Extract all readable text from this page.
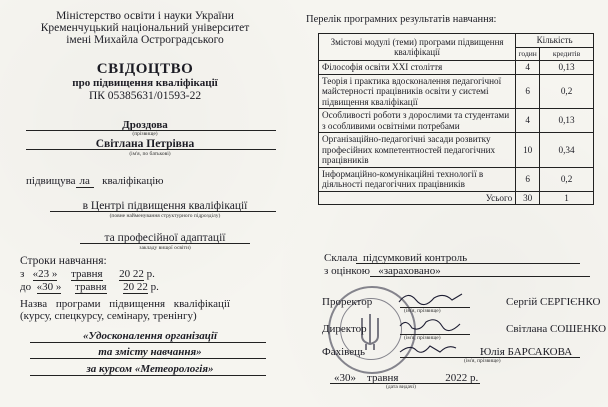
Міністерство освіти і науки України
Кременчуцький національний університет
імені Михайла Остроградського
СВІДОЦТВО
про підвищення кваліфікації
ПК 05385631/01593-22
Дроздова
(прізвище)
Світлана Петрівна
(ім'я, по батькові)
підвищува ла кваліфікацію
в Центрі підвищення кваліфікації
(повне найменування структурного підрозділу)
та професійної адаптації
закладу вищої освіти)
Строки навчання:
з «23 » травня 20 22 р.
до «30 » травня 20 22 р.
Назва програми підвищення кваліфікації
(курсу, спецкурсу, семінару, тренінгу)
«Удосконалення організації
та змісту навчання»
за курсом «Метеорологія»
Перелік програмних результатів навчання:
Змістові модулі (теми) програми підвищення кваліфікації	Кількість	
	годин	кредитів
Філософія освіти ХХІ століття	4	0,13
Теорія і практика вдосконалення педагогічної майстерності працівників освіти у системі підвищення кваліфікації	6	0,2
Особливості роботи з дорослими та студентами з особливими освітніми потребами	4	0,13
Організаційно-педагогічні засади розвитку професійних компетентностей педагогічних працівників	10	0,34
Інформаційно-комунікаційні технології в діяльності педагогічних працівників	6	0,2
Усього	30	1
Склала підсумковий контроль
з оцінкою «зараховано»
Проректор
(ім'я, прізвище)
Сергій СЕРГІЄНКО
Директор
(ім'я, прізвище)
Світлана СОШЕНКО
Фахівець
(ім'я, прізвище)
Юлія БАРСАКОВА
«30» травня	2022 р.
(дата видачі)
